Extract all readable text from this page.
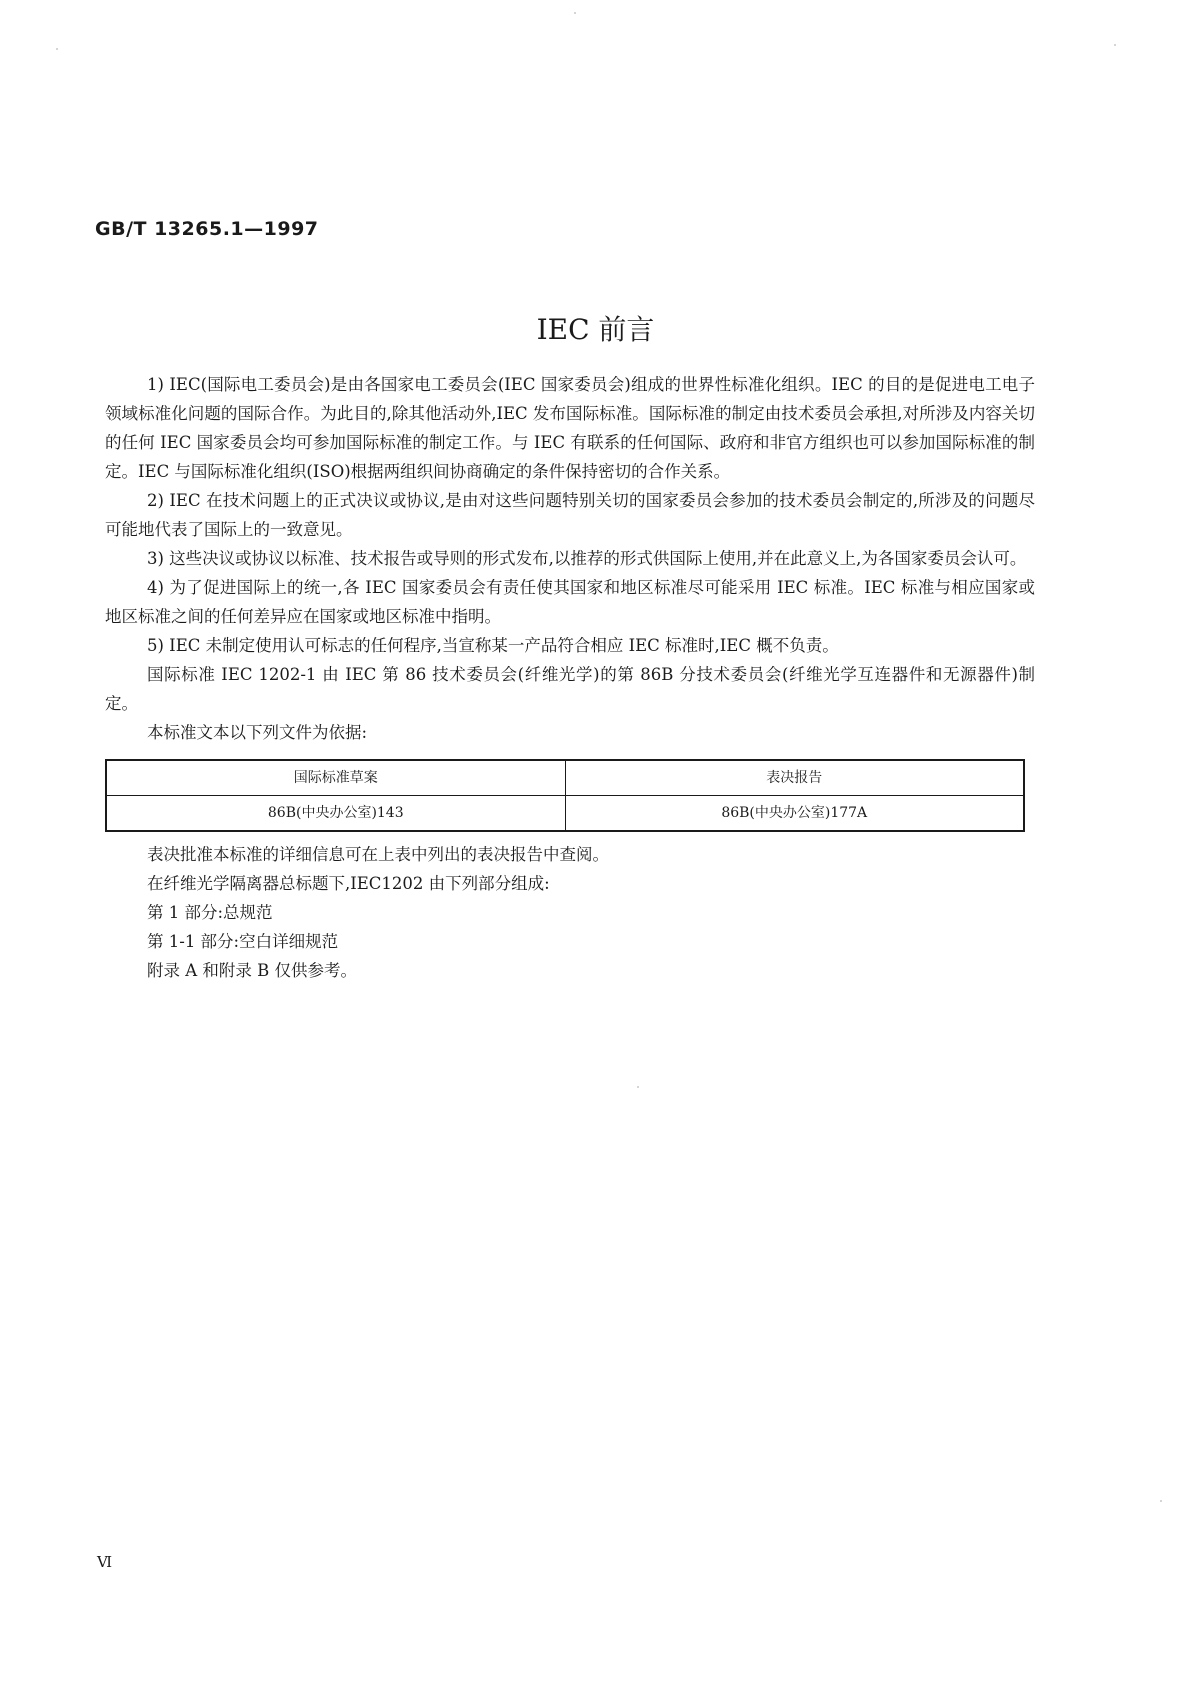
GB/T 13265.1—1997

IEC 前言

1) IEC(国际电工委员会)是由各国家电工委员会(IEC 国家委员会)组成的世界性标准化组织。IEC 的目的是促进电工电子领域标准化问题的国际合作。为此目的,除其他活动外,IEC 发布国际标准。国际标准的制定由技术委员会承担,对所涉及内容关切的任何 IEC 国家委员会均可参加国际标准的制定工作。与 IEC 有联系的任何国际、政府和非官方组织也可以参加国际标准的制定。IEC 与国际标准化组织(ISO)根据两组织间协商确定的条件保持密切的合作关系。

2) IEC 在技术问题上的正式决议或协议,是由对这些问题特别关切的国家委员会参加的技术委员会制定的,所涉及的问题尽可能地代表了国际上的一致意见。

3) 这些决议或协议以标准、技术报告或导则的形式发布,以推荐的形式供国际上使用,并在此意义上,为各国家委员会认可。

4) 为了促进国际上的统一,各 IEC 国家委员会有责任使其国家和地区标准尽可能采用 IEC 标准。IEC 标准与相应国家或地区标准之间的任何差异应在国家或地区标准中指明。

5) IEC 未制定使用认可标志的任何程序,当宣称某一产品符合相应 IEC 标准时,IEC 概不负责。

国际标准 IEC 1202-1 由 IEC 第 86 技术委员会(纤维光学)的第 86B 分技术委员会(纤维光学互连器件和无源器件)制定。

本标准文本以下列文件为依据:

国际标准草案	表决报告
86B(中央办公室)143	86B(中央办公室)177A

表决批准本标准的详细信息可在上表中列出的表决报告中查阅。

在纤维光学隔离器总标题下,IEC1202 由下列部分组成:

第 1 部分:总规范

第 1-1 部分:空白详细规范

附录 A 和附录 B 仅供参考。

Ⅵ
